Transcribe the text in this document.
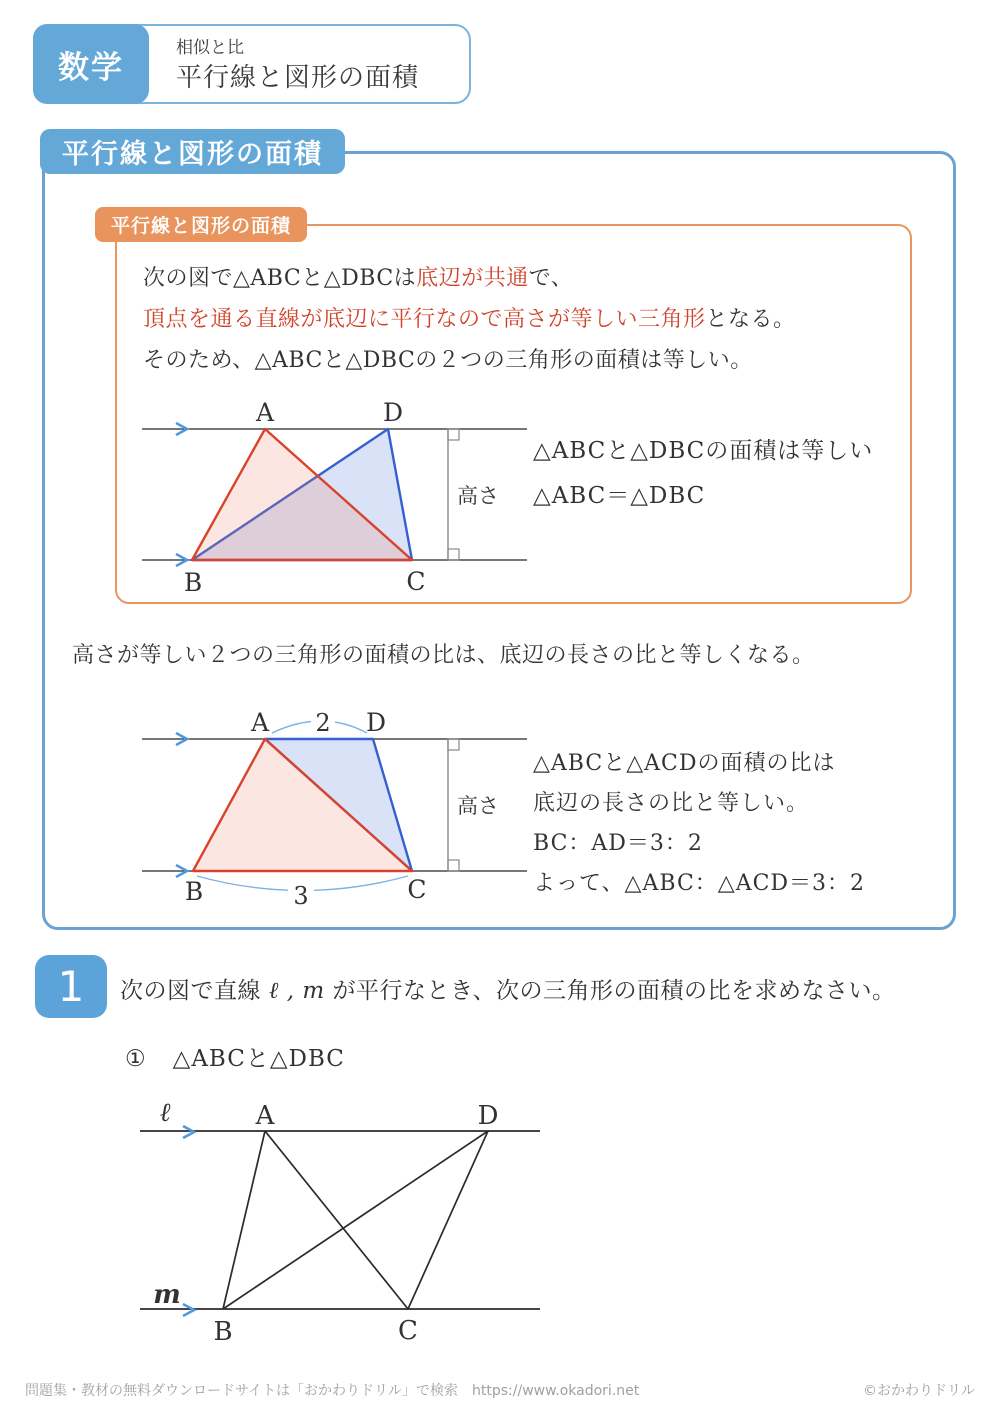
数学
相似と比
平行線と図形の面積
平行線と図形の面積
平行線と図形の面積
次の図で△ABCと△DBCは底辺が共通で、
頂点を通る直線が底辺に平行なので高さが等しい三角形となる。
そのため、△ABCと△DBCの２つの三角形の面積は等しい。
A	D
B	C
高さ
△ABCと△DBCの面積は等しい
△ABC＝△DBC
高さが等しい２つの三角形の面積の比は、底辺の長さの比と等しくなる。
2
3
A	D
B	C
高さ
△ABCと△ACDの面積の比は
底辺の長さの比と等しい。
BC：AD＝3：2
よって、△ABC：△ACD＝3：2
1	次の図で直線 ℓ , m が平行なとき、次の三角形の面積の比を求めなさい。
① △ABCと△DBC
ℓ
m
A	D
B	C
問題集・教材の無料ダウンロードサイトは「おかわりドリル」で検索　https://www.okadori.net	©おかわりドリル
